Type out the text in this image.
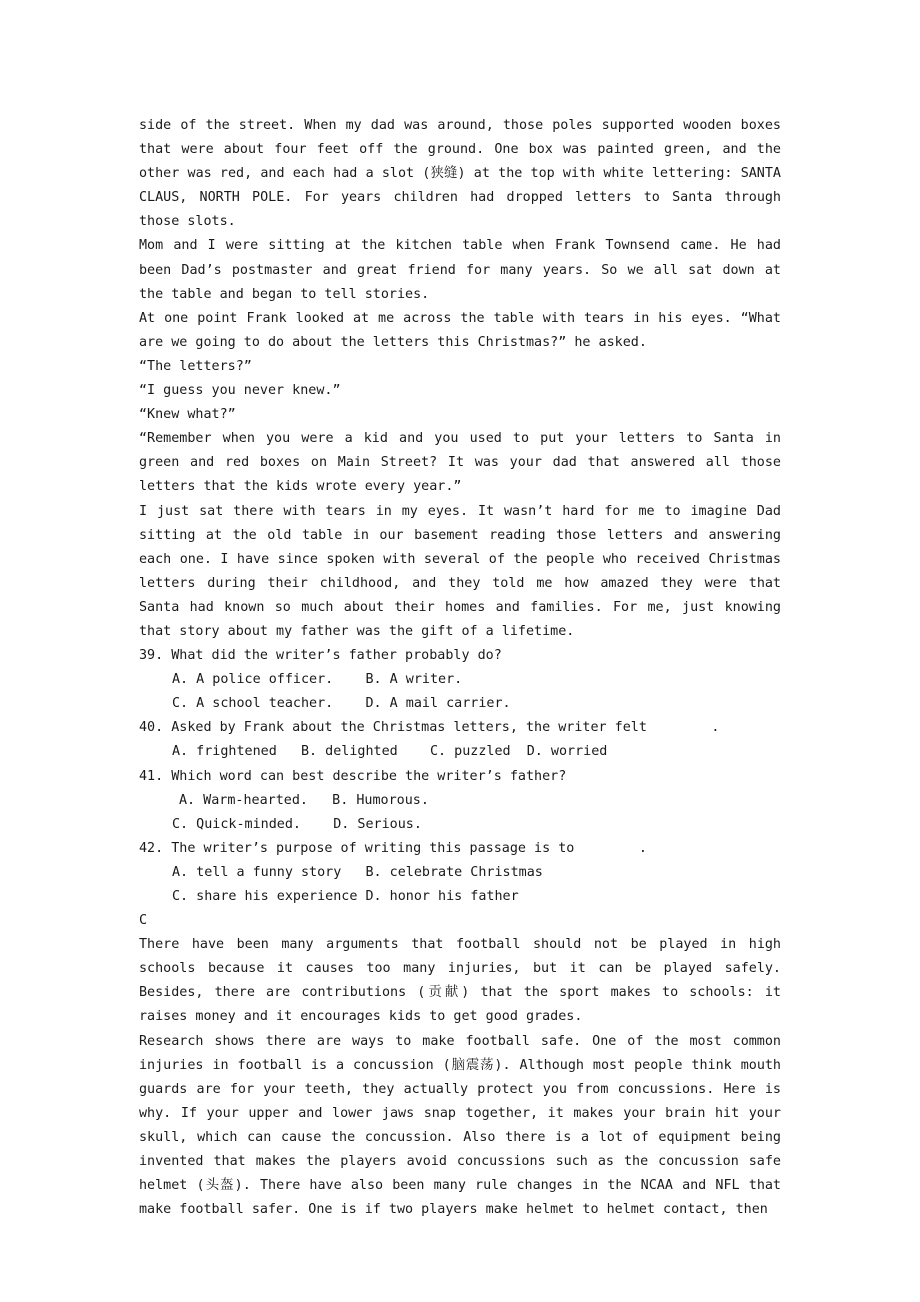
side of the street. When my dad was around, those poles supported wooden boxes that were about four feet off the ground. One box was painted green, and the other was red, and each had a slot (狭缝) at the top with white lettering: SANTA CLAUS, NORTH POLE. For years children had dropped letters to Santa through those slots.

Mom and I were sitting at the kitchen table when Frank Townsend came. He had been Dad’s postmaster and great friend for many years. So we all sat down at the table and began to tell stories.

At one point Frank looked at me across the table with tears in his eyes. “What are we going to do about the letters this Christmas?” he asked.

“The letters?”

“I guess you never knew.”

“Knew what?”

“Remember when you were a kid and you used to put your letters to Santa in green and red boxes on Main Street? It was your dad that answered all those letters that the kids wrote every year.”

I just sat there with tears in my eyes. It wasn’t hard for me to imagine Dad sitting at the old table in our basement reading those letters and answering each one. I have since spoken with several of the people who received Christmas letters during their childhood, and they told me how amazed they were that Santa had known so much about their homes and families. For me, just knowing that story about my father was the gift of a lifetime.

39. What did the writer’s father probably do?

A. A police officer.    B. A writer.

C. A school teacher.    D. A mail carrier.

40. Asked by Frank about the Christmas letters, the writer felt        .

A. frightened   B. delighted    C. puzzled  D. worried

41. Which word can best describe the writer’s father?

A. Warm-hearted.   B. Humorous.

C. Quick-minded.    D. Serious.

42. The writer’s purpose of writing this passage is to        .

A. tell a funny story   B. celebrate Christmas

C. share his experience D. honor his father

C

There have been many arguments that football should not be played in high schools because it causes too many injuries, but it can be played safely. Besides, there are contributions (贡献) that the sport makes to schools: it raises money and it encourages kids to get good grades.

Research shows there are ways to make football safe. One of the most common injuries in football is a concussion (脑震荡). Although most people think mouth guards are for your teeth, they actually protect you from concussions. Here is why. If your upper and lower jaws snap together, it makes your brain hit your skull, which can cause the concussion. Also there is a lot of equipment being invented that makes the players avoid concussions such as the concussion safe helmet (头盔). There have also been many rule changes in the NCAA and NFL that make football safer. One is if two players make helmet to helmet contact, then
